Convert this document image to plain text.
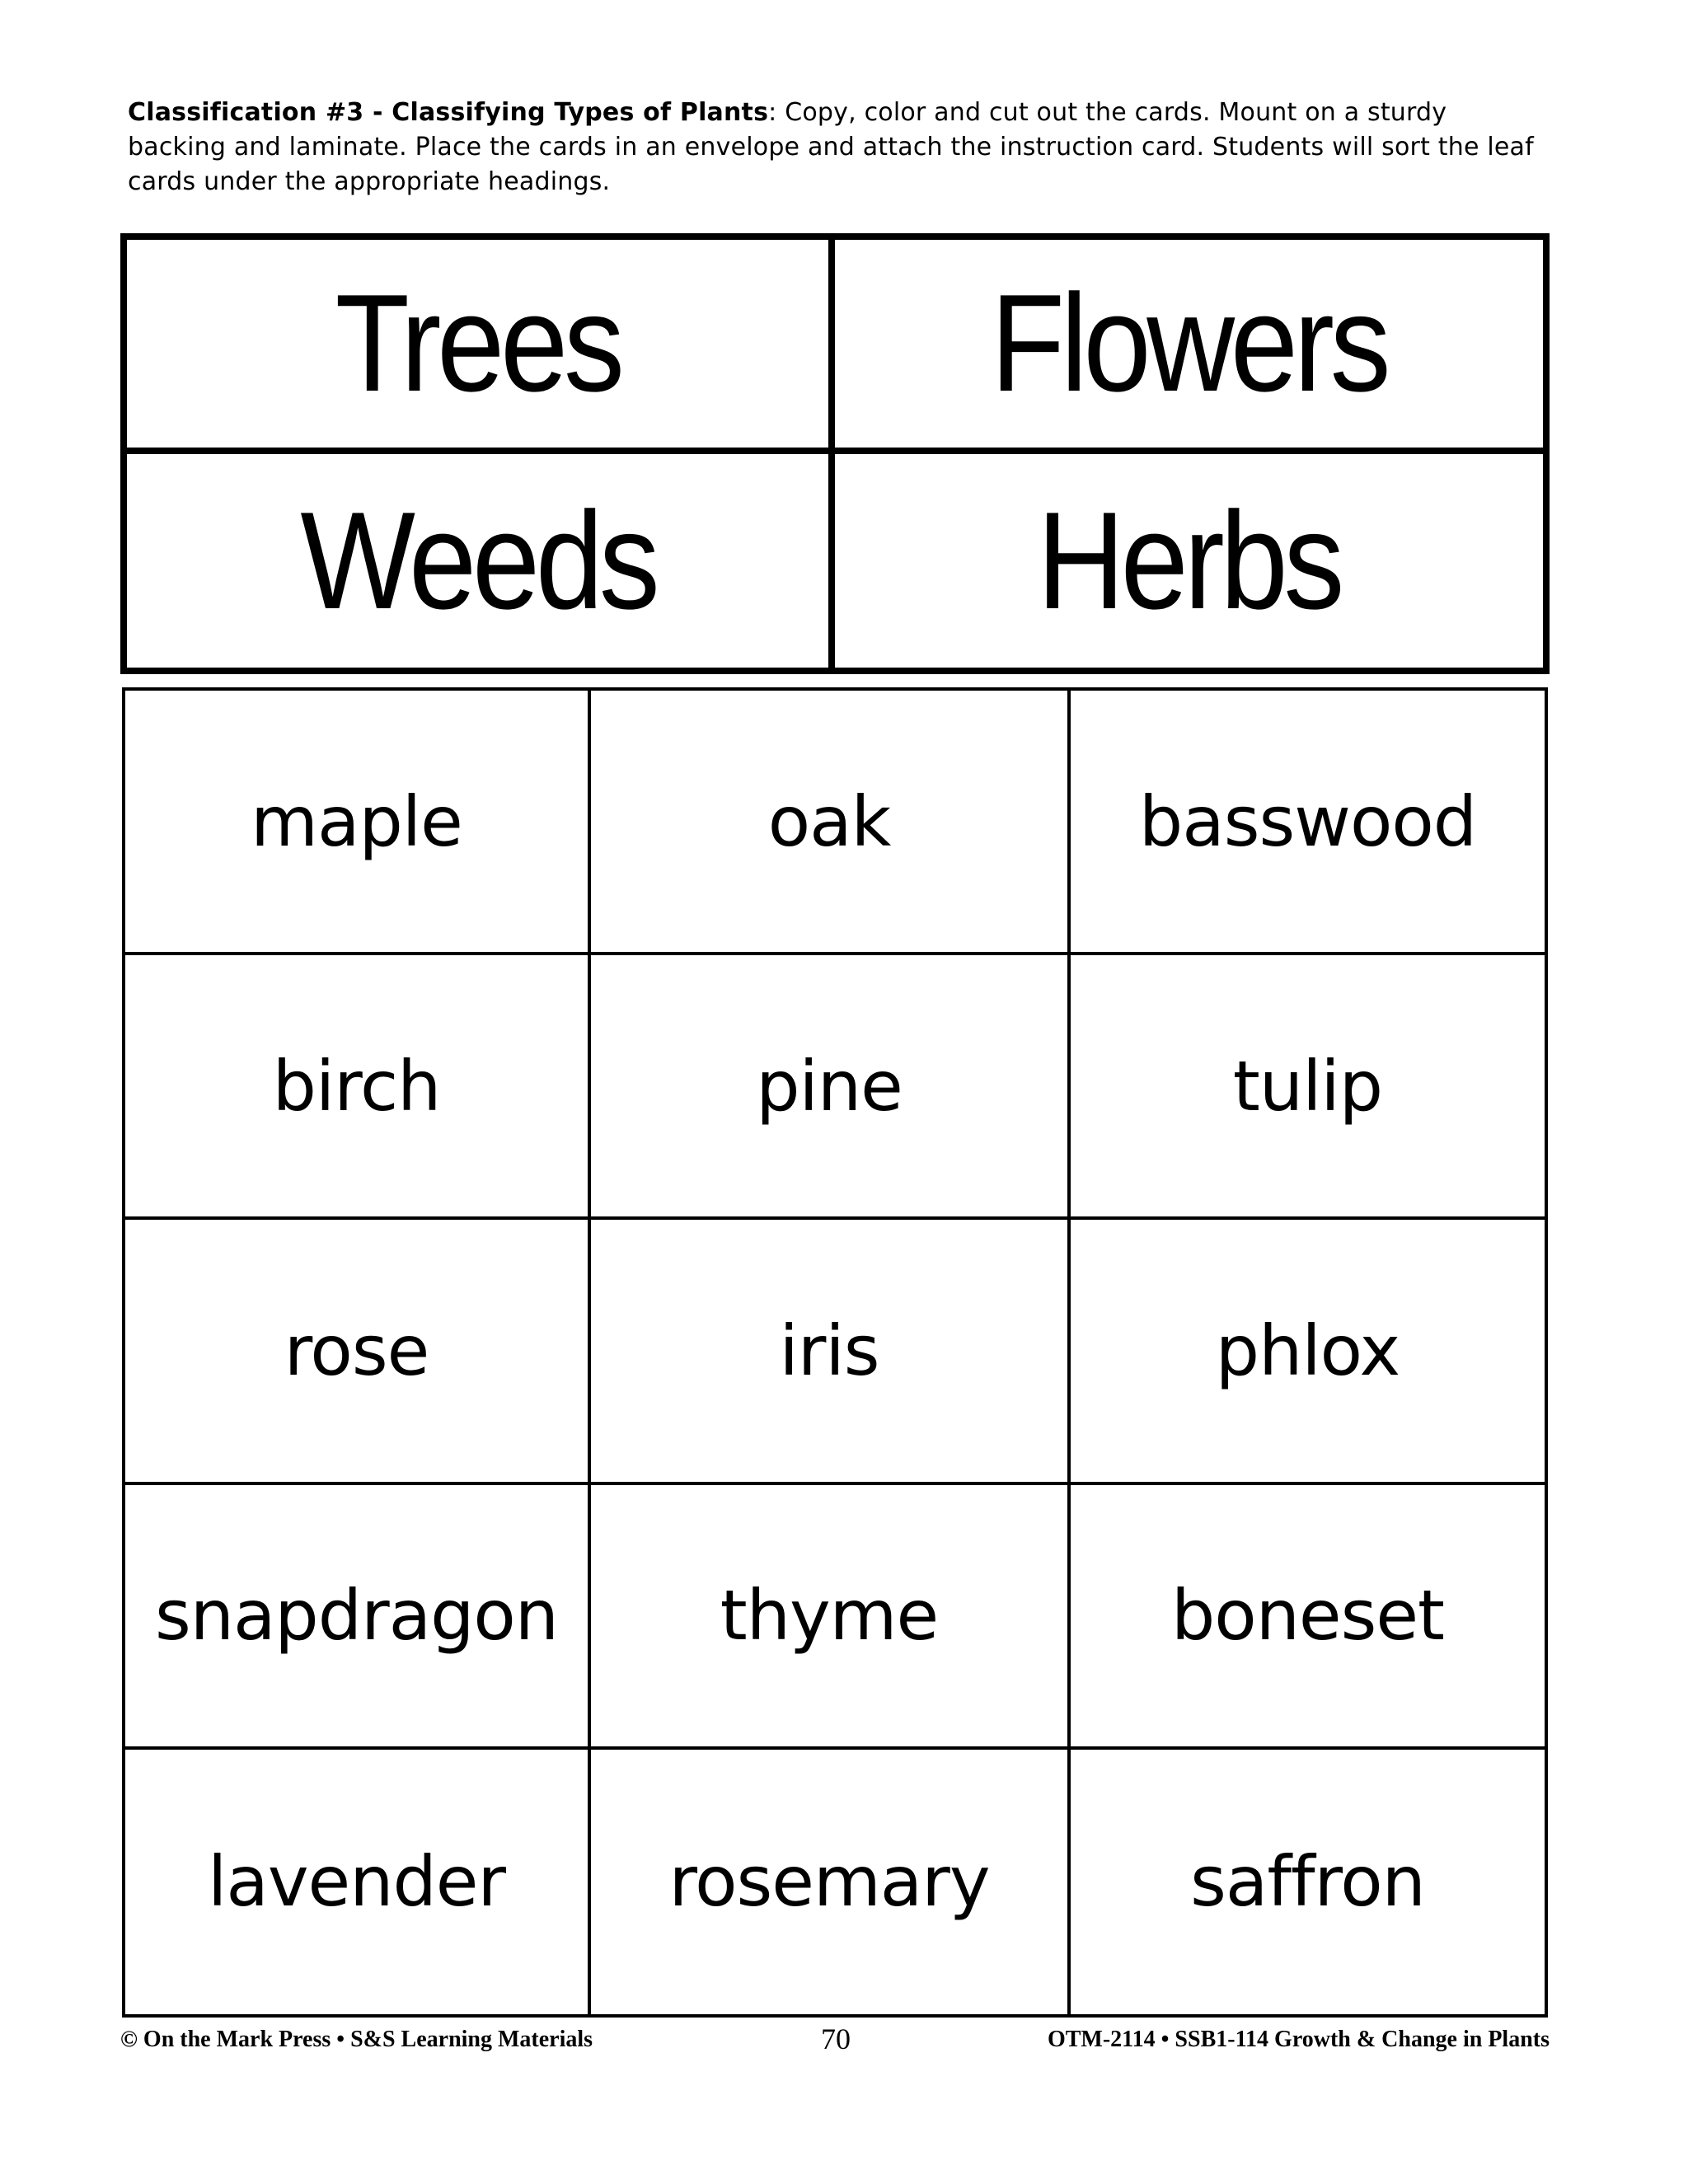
Classification #3 - Classifying Types of Plants: Copy, color and cut out the cards. Mount on a sturdy backing and laminate. Place the cards in an envelope and attach the instruction card. Students will sort the leaf cards under the appropriate headings.
Trees	Flowers
Weeds	Herbs
maple	oak	basswood
birch	pine	tulip
rose	iris	phlox
snapdragon	thyme	boneset
lavender	rosemary	saffron
© On the Mark Press • S&S Learning Materials	70	OTM-2114 • SSB1-114 Growth & Change in Plants
